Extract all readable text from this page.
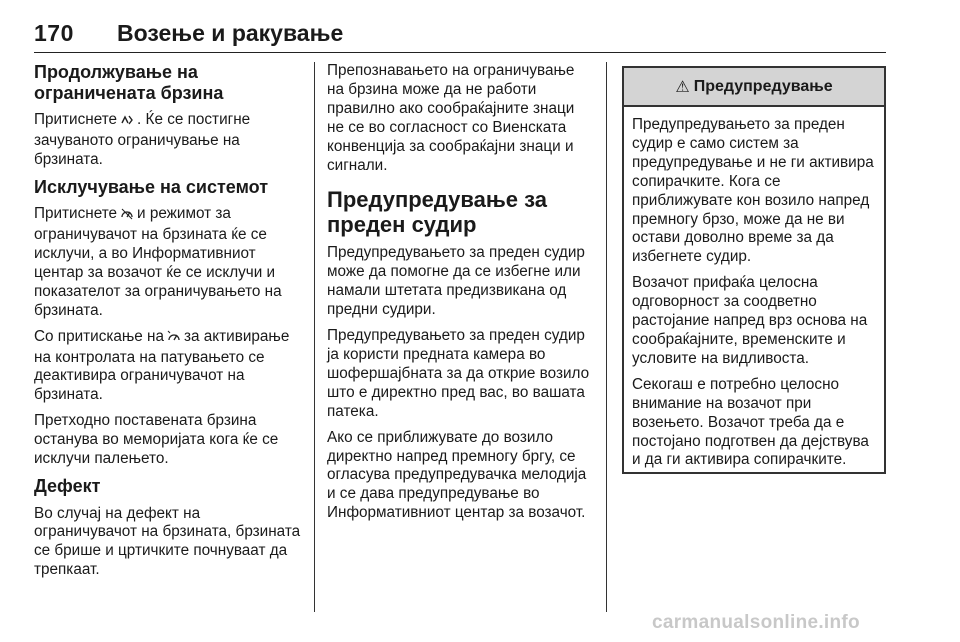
170 Возење и ракување
Продолжување на ограничената брзина

Притиснете . Ќе се постигне зачуваното ограничување на брзината.

Исклучување на системот

Притиснете и режимот за ограничувачот на брзината ќе се исклучи, а во Информативниот центар за возачот ќе се исклучи и показателот за ограничувањето на брзината.

Со притискање на за активирање на контролата на патувањето се деактивира ограничувачот на брзината.

Претходно поставената брзина останува во меморијата кога ќе се исклучи палењето.

Дефект

Во случај на дефект на ограничувачот на брзината, брзината се брише и цртичките почнуваат да трепкаат.

Препознавањето на ограничувањe на брзина може да не работи правилно ако сообраќајните знаци не се во согласност со Виенската конвенција за сообраќајни знаци и сигнали.

Предупредување за преден судир

Предупредувањето за преден судир може да помогне да се избегне или намали штетата предизвикана од предни судири.

Предупредувањето за преден судир ја користи предната камера во шофершајбната за да открие возило што е директно пред вас, во вашата патека.

Ако се приближувате до возило директно напред премногу бргу, се огласува предупредувачка мелодија и се дава предупредување во Информативниот центар за возачот.

⚠ Предупредување

Предупредувањето за преден судир е само систем за предупредување и не ги активира сопирачките. Кога се приближувате кон возило напред премногу брзо, може да не ви остави доволно време за да избегнете судир.

Возачот прифаќа целосна одговорност за соодветно растојание напред врз основа на сообраќајните, временските и условите на видливоста.

Секогаш е потребно целосно внимание на возачот при возењето. Возачот треба да е постојано подготвен да дејствува и да ги активира сопирачките.

carmanualsonline.info
